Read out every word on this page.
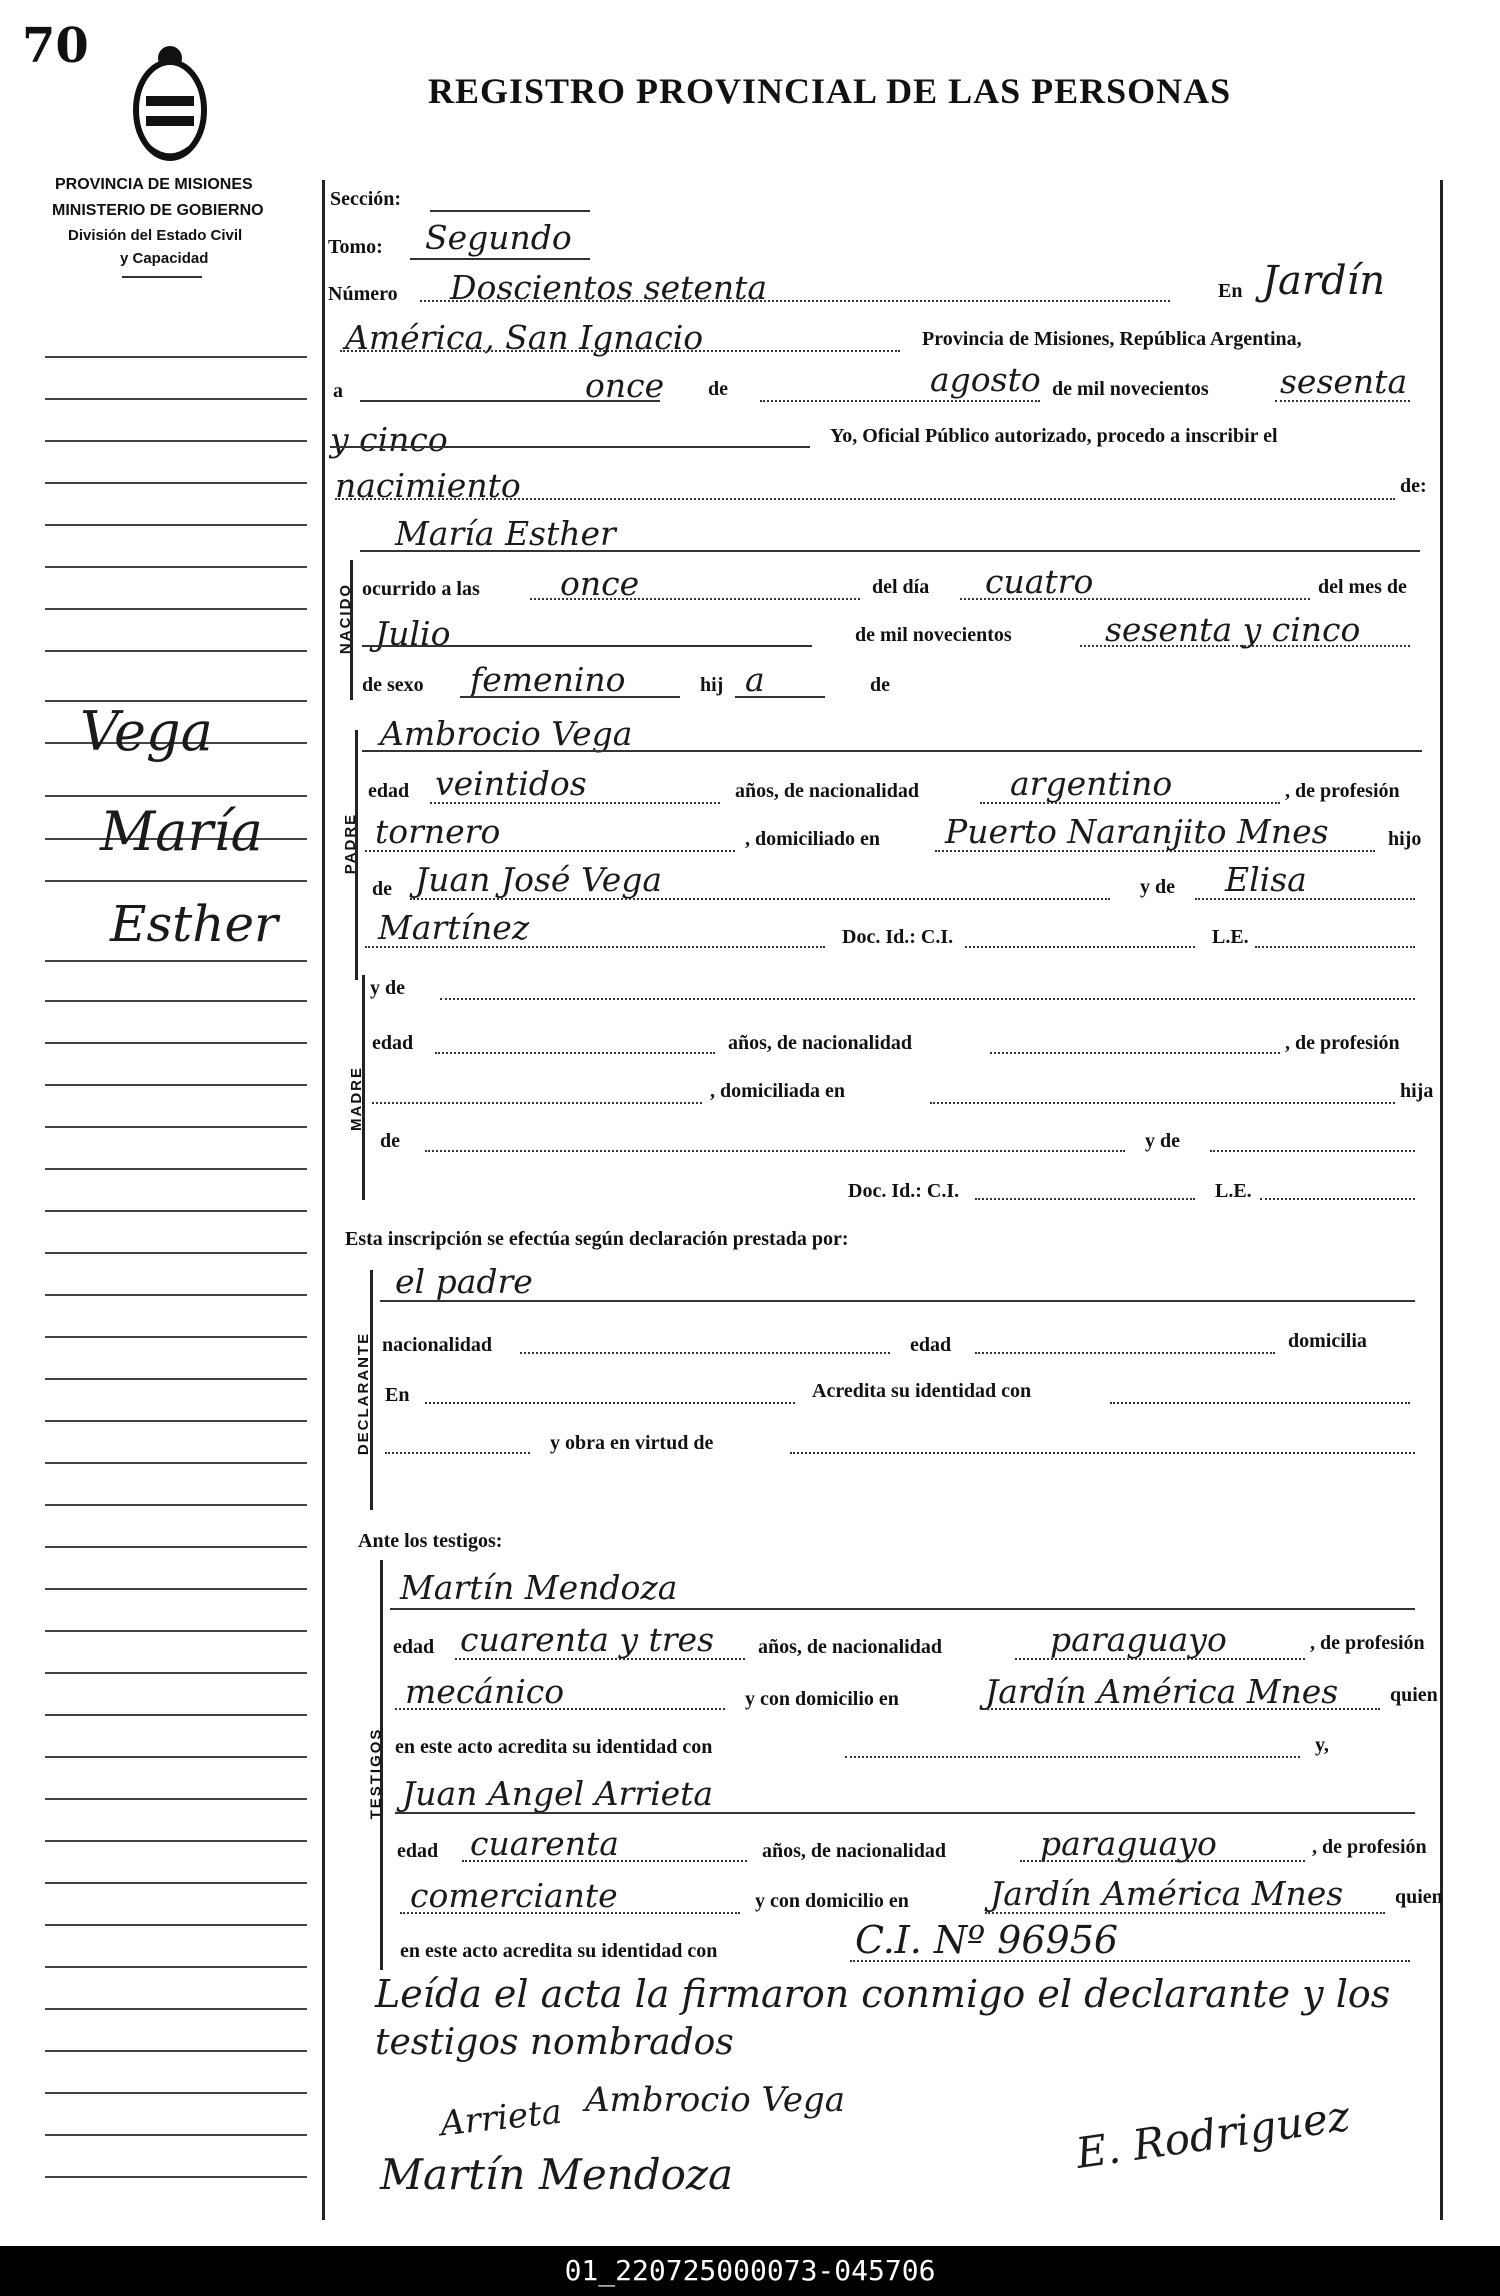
70
REGISTRO PROVINCIAL DE LAS PERSONAS
PROVINCIA DE MISIONES
MINISTERIO DE GOBIERNO
División del Estado Civil
y Capacidad
Vega
María
Esther
NACIDO
PADRE
MADRE
DECLARANTE
TESTIGOS
Sección:
Tomo: Segundo
Número Doscientos setenta	En Jardín
América, San Ignacio	Provincia de Misiones, República Argentina,
a	once de	agosto de mil novecientos sesenta
y cinco	Yo, Oficial Público autorizado, procedo a inscribir el
nacimiento	de:
María Esther
ocurrido a las once	del día cuatro	del mes de
Julio	de mil novecientos	sesenta y cinco
de sexo femenino	hij a	de
Ambrocio Vega
edad veintidos	años, de nacionalidad	argentino	, de profesión
tornero	, domiciliado en Puerto Naranjito Mnes	hijo
de Juan José Vega	y de Elisa
Martínez	Doc. Id.: C.I.	L.E.
y de
edad	años, de nacionalidad	, de profesión
, domiciliada en	hija
de	y de
Doc. Id.: C.I.	L.E.
Esta inscripción se efectúa según declaración prestada por:
el padre
nacionalidad	edad	domicilia
En	Acredita su identidad con
y obra en virtud de
Ante los testigos:
Martín Mendoza
edad cuarenta y tres años, de nacionalidad	paraguayo	, de profesión
mecánico	y con domicilio en	Jardín América Mnes	quien
en este acto acredita su identidad con	y,
Juan Angel Arrieta
edad cuarenta	años, de nacionalidad	paraguayo	, de profesión
comerciante	y con domicilio en Jardín América Mnes	quien
en este acto acredita su identidad con	C.I. Nº 96956
Leída el acta la firmaron conmigo el declarante y los
testigos nombrados
Ambrocio Vega
Arrieta
Martín Mendoza	E. Rodriguez
01_220725000073-045706
